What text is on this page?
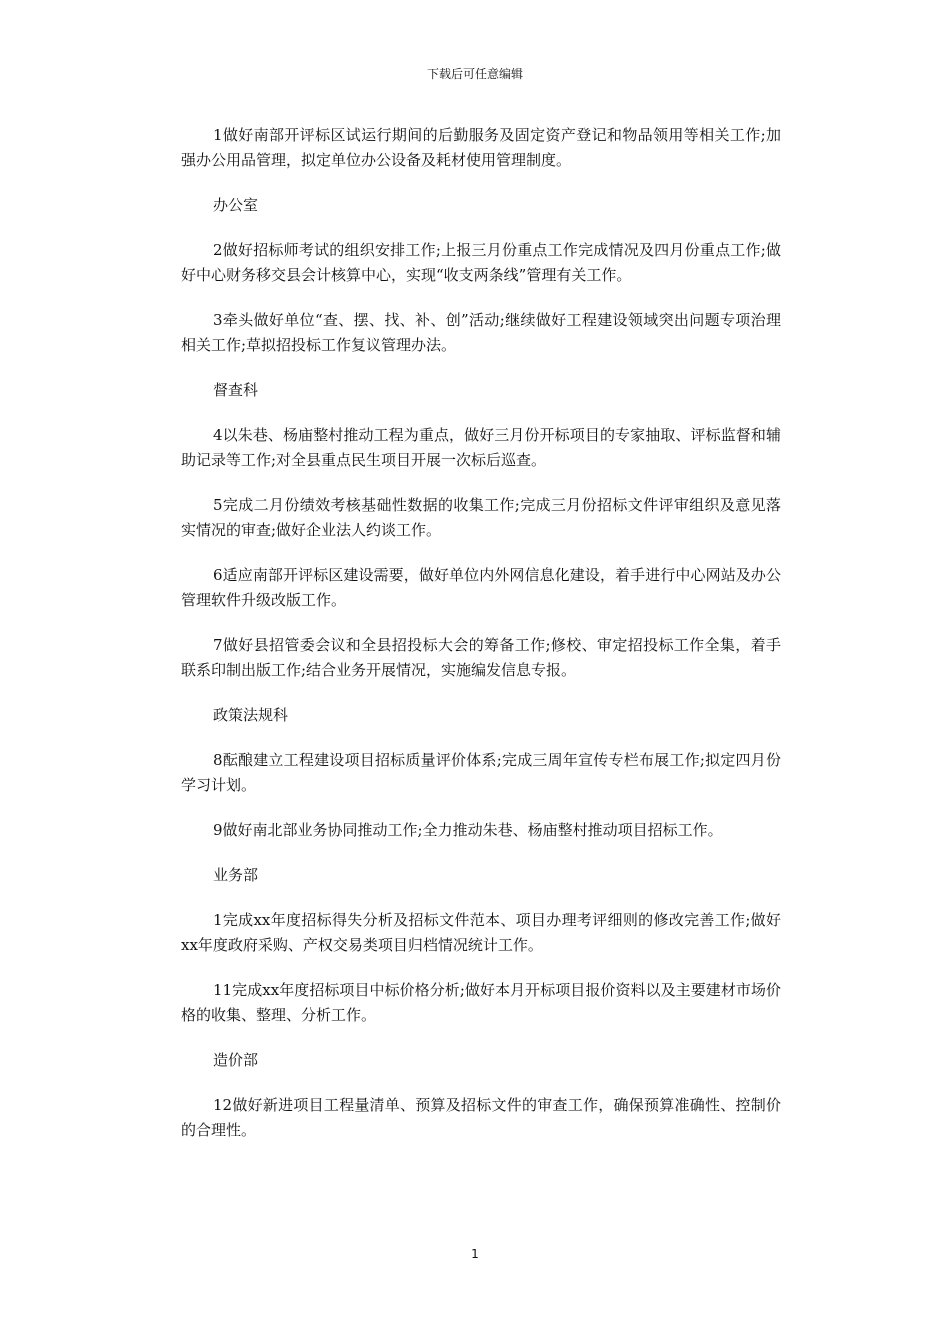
下载后可任意编辑

1做好南部开评标区试运行期间的后勤服务及固定资产登记和物品领用等相关工作;加强办公用品管理，拟定单位办公设备及耗材使用管理制度。

办公室

2做好招标师考试的组织安排工作;上报三月份重点工作完成情况及四月份重点工作;做好中心财务移交县会计核算中心，实现“收支两条线”管理有关工作。

3牵头做好单位“查、摆、找、补、创”活动;继续做好工程建设领域突出问题专项治理相关工作;草拟招投标工作复议管理办法。

督查科

4以朱巷、杨庙整村推动工程为重点，做好三月份开标项目的专家抽取、评标监督和辅助记录等工作;对全县重点民生项目开展一次标后巡查。

5完成二月份绩效考核基础性数据的收集工作;完成三月份招标文件评审组织及意见落实情况的审查;做好企业法人约谈工作。

6适应南部开评标区建设需要，做好单位内外网信息化建设，着手进行中心网站及办公管理软件升级改版工作。

7做好县招管委会议和全县招投标大会的筹备工作;修校、审定招投标工作全集，着手联系印制出版工作;结合业务开展情况，实施编发信息专报。

政策法规科

8酝酿建立工程建设项目招标质量评价体系;完成三周年宣传专栏布展工作;拟定四月份学习计划。

9做好南北部业务协同推动工作;全力推动朱巷、杨庙整村推动项目招标工作。

业务部

1完成xx年度招标得失分析及招标文件范本、项目办理考评细则的修改完善工作;做好xx年度政府采购、产权交易类项目归档情况统计工作。

11完成xx年度招标项目中标价格分析;做好本月开标项目报价资料以及主要建材市场价格的收集、整理、分析工作。

造价部

12做好新进项目工程量清单、预算及招标文件的审查工作，确保预算准确性、控制价的合理性。

1
